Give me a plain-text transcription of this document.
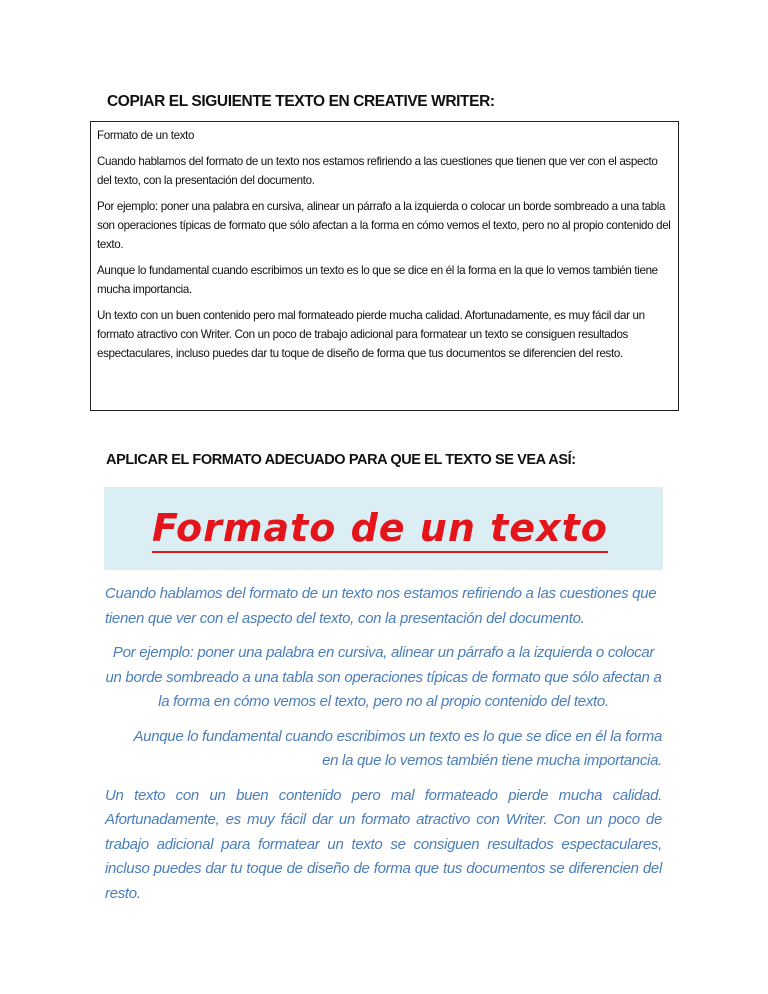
COPIAR EL SIGUIENTE TEXTO EN CREATIVE WRITER:

Formato de un texto

Cuando hablamos del formato de un texto nos estamos refiriendo a las cuestiones que tienen que ver con el aspecto del texto, con la presentación del documento.

Por ejemplo: poner una palabra en cursiva, alinear un párrafo a la izquierda o colocar un borde sombreado a una tabla son operaciones típicas de formato que sólo afectan a la forma en cómo vemos el texto, pero no al propio contenido del texto.

Aunque lo fundamental cuando escribimos un texto es lo que se dice en él la forma en la que lo vemos también tiene mucha importancia.

Un texto con un buen contenido pero mal formateado pierde mucha calidad. Afortunadamente, es muy fácil dar un formato atractivo con Writer. Con un poco de trabajo adicional para formatear un texto se consiguen resultados espectaculares, incluso puedes dar tu toque de diseño de forma que tus documentos se diferencien del resto.

APLICAR EL FORMATO ADECUADO PARA QUE EL TEXTO SE VEA ASÍ:
Formato de un texto

Cuando hablamos del formato de un texto nos estamos refiriendo a las cuestiones que tienen que ver con el aspecto del texto, con la presentación del documento.

Por ejemplo: poner una palabra en cursiva, alinear un párrafo a la izquierda o colocar un borde sombreado a una tabla son operaciones típicas de formato que sólo afectan a la forma en cómo vemos el texto, pero no al propio contenido del texto.

Aunque lo fundamental cuando escribimos un texto es lo que se dice en él la forma en la que lo vemos también tiene mucha importancia.

Un texto con un buen contenido pero mal formateado pierde mucha calidad. Afortunadamente, es muy fácil dar un formato atractivo con Writer. Con un poco de trabajo adicional para formatear un texto se consiguen resultados espectaculares, incluso puedes dar tu toque de diseño de forma que tus documentos se diferencien del resto.
